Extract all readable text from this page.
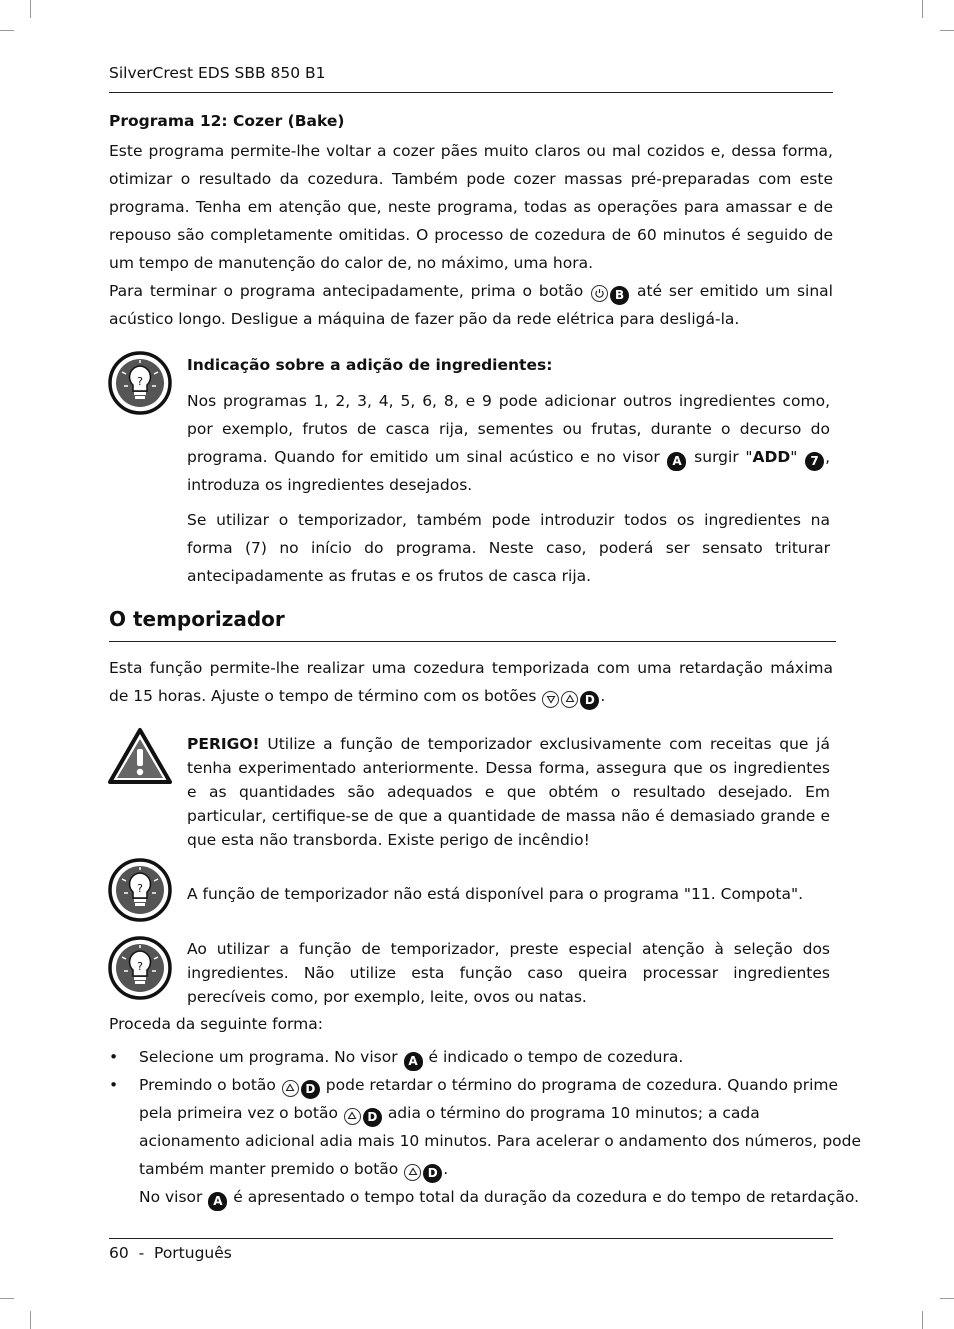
SilverCrest EDS SBB 850 B1
Programa 12: Cozer (Bake)
Este programa permite-lhe voltar a cozer pães muito claros ou mal cozidos e, dessa forma, otimizar o resultado da cozedura. Também pode cozer massas pré-preparadas com este programa. Tenha em atenção que, neste programa, todas as operações para amassar e de repouso são completamente omitidas. O processo de cozedura de 60 minutos é seguido de um tempo de manutenção do calor de, no máximo, uma hora.
Para terminar o programa antecipadamente, prima o botão	B até ser emitido um sinal acústico longo. Desligue a máquina de fazer pão da rede elétrica para desligá-la.
?
Indicação sobre a adição de ingredientes:
Nos programas 1, 2, 3, 4, 5, 6, 8, e 9 pode adicionar outros ingredientes como, por exemplo, frutos de casca rija, sementes ou frutas, durante o decurso do programa. Quando for emitido um sinal acústico e no visor A surgir "ADD" 7 , introduza os ingredientes desejados.
Se utilizar o temporizador, também pode introduzir todos os ingredientes na forma (7) no início do programa. Neste caso, poderá ser sensato triturar antecipadamente as frutas e os frutos de casca rija.
O temporizador
Esta função permite-lhe realizar uma cozedura temporizada com uma retardação máxima de 15 horas. Ajuste o tempo de término com os botões	D .
PERIGO! Utilize a função de temporizador exclusivamente com receitas que já tenha experimentado anteriormente. Dessa forma, assegura que os ingredientes e as quantidades são adequados e que obtém o resultado desejado. Em particular, certifique-se de que a quantidade de massa não é demasiado grande e que esta não transborda. Existe perigo de incêndio!
?	A função de temporizador não está disponível para o programa "11. Compota".
?
Ao utilizar a função de temporizador, preste especial atenção à seleção dos ingredientes. Não utilize esta função caso queira processar ingredientes perecíveis como, por exemplo, leite, ovos ou natas.
Proceda da seguinte forma:
• Selecione um programa. No visor A é indicado o tempo de cozedura.
• Premindo o botão D pode retardar o término do programa de cozedura. Quando prime
pela primeira vez o botão D adia o término do programa 10 minutos; a cada
acionamento adicional adia mais 10 minutos. Para acelerar o andamento dos números, pode
também manter premido o botão D .
No visor A é apresentado o tempo total da duração da cozedura e do tempo de retardação.
60  -  Português
